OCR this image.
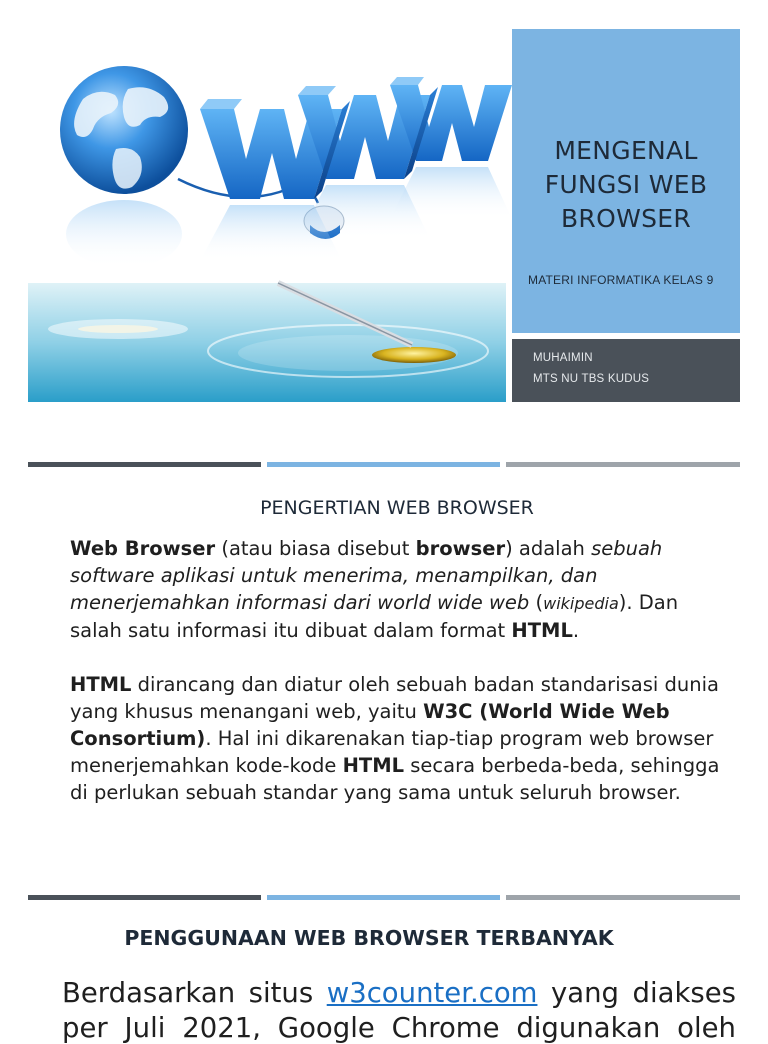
MENGENAL
FUNGSI WEB
BROWSER
MATERI INFORMATIKA KELAS 9
MUHAIMIN
MTS NU TBS KUDUS
PENGERTIAN WEB BROWSER

Web Browser (atau biasa disebut browser) adalah sebuah software aplikasi untuk menerima, menampilkan, dan menerjemahkan informasi dari world wide web (wikipedia). Dan salah satu informasi itu dibuat dalam format HTML.

HTML dirancang dan diatur oleh sebuah badan standarisasi dunia yang khusus menangani web, yaitu W3C (World Wide Web Consortium). Hal ini dikarenakan tiap-tiap program web browser menerjemahkan kode-kode HTML secara berbeda-beda, sehingga di perlukan sebuah standar yang sama untuk seluruh browser.

PENGGUNAAN WEB BROWSER TERBANYAK
Berdasarkan situs w3counter.com yang diakses
per Juli 2021, Google Chrome digunakan oleh
